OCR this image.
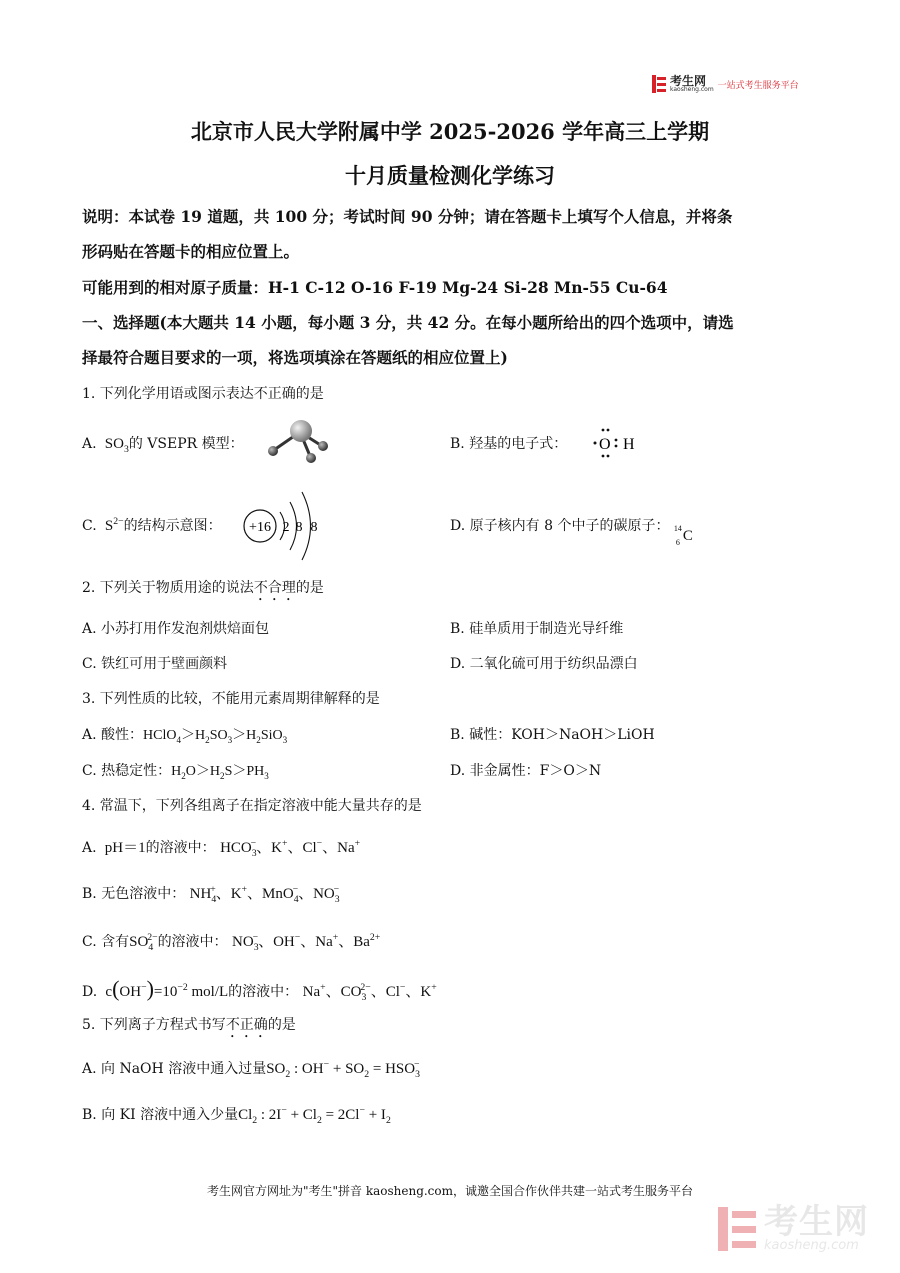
考生网
kaosheng.com 一站式考生服务平台
北京市人民大学附属中学 2025-2026 学年高三上学期
十月质量检测化学练习
说明：本试卷 19 道题，共 100 分；考试时间 90 分钟；请在答题卡上填写个人信息，并将条
形码贴在答题卡的相应位置上。
可能用到的相对原子质量：H-1 C-12 O-16 F-19 Mg-24 Si-28 Mn-55 Cu-64
一、选择题(本大题共 14 小题，每小题 3 分，共 42 分。在每小题所给出的四个选项中，请选
择最符合题目要求的一项，将选项填涂在答题纸的相应位置上)
1. 下列化学用语或图示表达不正确的是
A.  $SO_3$的 VSEPR 模型：	B. 羟基的电子式： O H
C.  $S^{2-}$的结构示意图： +16 2 8 8	D. 原子核内有 8 个中子的碳原子： 14
6 C
2. 下列关于物质用途的说法不合理的是
A. 小苏打用作发泡剂烘焙面包	B. 硅单质用于制造光导纤维
C. 铁红可用于壁画颜料	D. 二氧化硫可用于纺织品漂白
3. 下列性质的比较，不能用元素周期律解释的是
A. 酸性：$HClO_4>H_2SO_3>H_2SiO_3$	B. 碱性：KOH＞NaOH＞LiOH
C. 热稳定性：$H_2O>H_2S>PH_3$	D. 非金属性：F＞O＞N
4. 常温下，下列各组离子在指定溶液中能大量共存的是
A.  pH＝1的溶液中： $HCO_3^-$、K+、Cl−、Na+
B. 无色溶液中： $NH_4^+$、K+、MnO$_4$−、$NO_3^-$
C. 含有$SO_4^{2-}$的溶液中： $NO_3^-$、OH−、Na+、$Ba^{2+}$
D.  $c(OH^-)=10^{-2}$ mol/L的溶液中： Na+、$CO_3^{2-}$、Cl−、K+
5. 下列离子方程式书写不正确的是
A. 向 NaOH 溶液中通入过量$SO_2$ : $OH^- + SO_2 = HSO_3^-$
B. 向 KI 溶液中通入少量$Cl_2$ : $2I^- + Cl_2 = 2Cl^- + I_2$
考生网官方网址为"考生"拼音 kaosheng.com，诚邀全国合作伙伴共建一站式考生服务平台
考生网
kaosheng.com
